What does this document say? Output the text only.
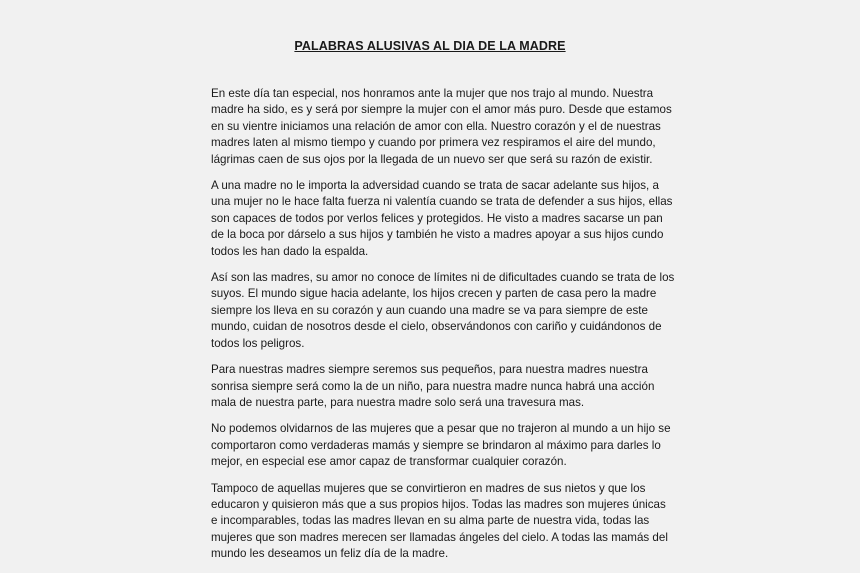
PALABRAS ALUSIVAS AL DIA DE LA MADRE

En este día tan especial, nos honramos ante la mujer que nos trajo al mundo. Nuestra
madre ha sido, es y será por siempre la mujer con el amor más puro. Desde que estamos
en su vientre iniciamos una relación de amor con ella. Nuestro corazón y el de nuestras
madres laten al mismo tiempo y cuando por primera vez respiramos el aire del mundo,
lágrimas caen de sus ojos por la llegada de un nuevo ser que será su razón de existir.

A una madre no le importa la adversidad cuando se trata de sacar adelante sus hijos, a
una mujer no le hace falta fuerza ni valentía cuando se trata de defender a sus hijos, ellas
son capaces de todos por verlos felices y protegidos. He visto a madres sacarse un pan
de la boca por dárselo a sus hijos y también he visto a madres apoyar a sus hijos cundo
todos les han dado la espalda.

Así son las madres, su amor no conoce de límites ni de dificultades cuando se trata de los
suyos. El mundo sigue hacia adelante, los hijos crecen y parten de casa pero la madre
siempre los lleva en su corazón y aun cuando una madre se va para siempre de este
mundo, cuidan de nosotros desde el cielo, observándonos con cariño y cuidándonos de
todos los peligros.

Para nuestras madres siempre seremos sus pequeños, para nuestra madres nuestra
sonrisa siempre será como la de un niño, para nuestra madre nunca habrá una acción
mala de nuestra parte, para nuestra madre solo será una travesura mas.

No podemos olvidarnos de las mujeres que a pesar que no trajeron al mundo a un hijo se
comportaron como verdaderas mamás y siempre se brindaron al máximo para darles lo
mejor, en especial ese amor capaz de transformar cualquier corazón.

Tampoco de aquellas mujeres que se convirtieron en madres de sus nietos y que los
educaron y quisieron más que a sus propios hijos. Todas las madres son mujeres únicas
e incomparables, todas las madres llevan en su alma parte de nuestra vida, todas las
mujeres que son madres merecen ser llamadas ángeles del cielo. A todas las mamás del
mundo les deseamos un feliz día de la madre.
